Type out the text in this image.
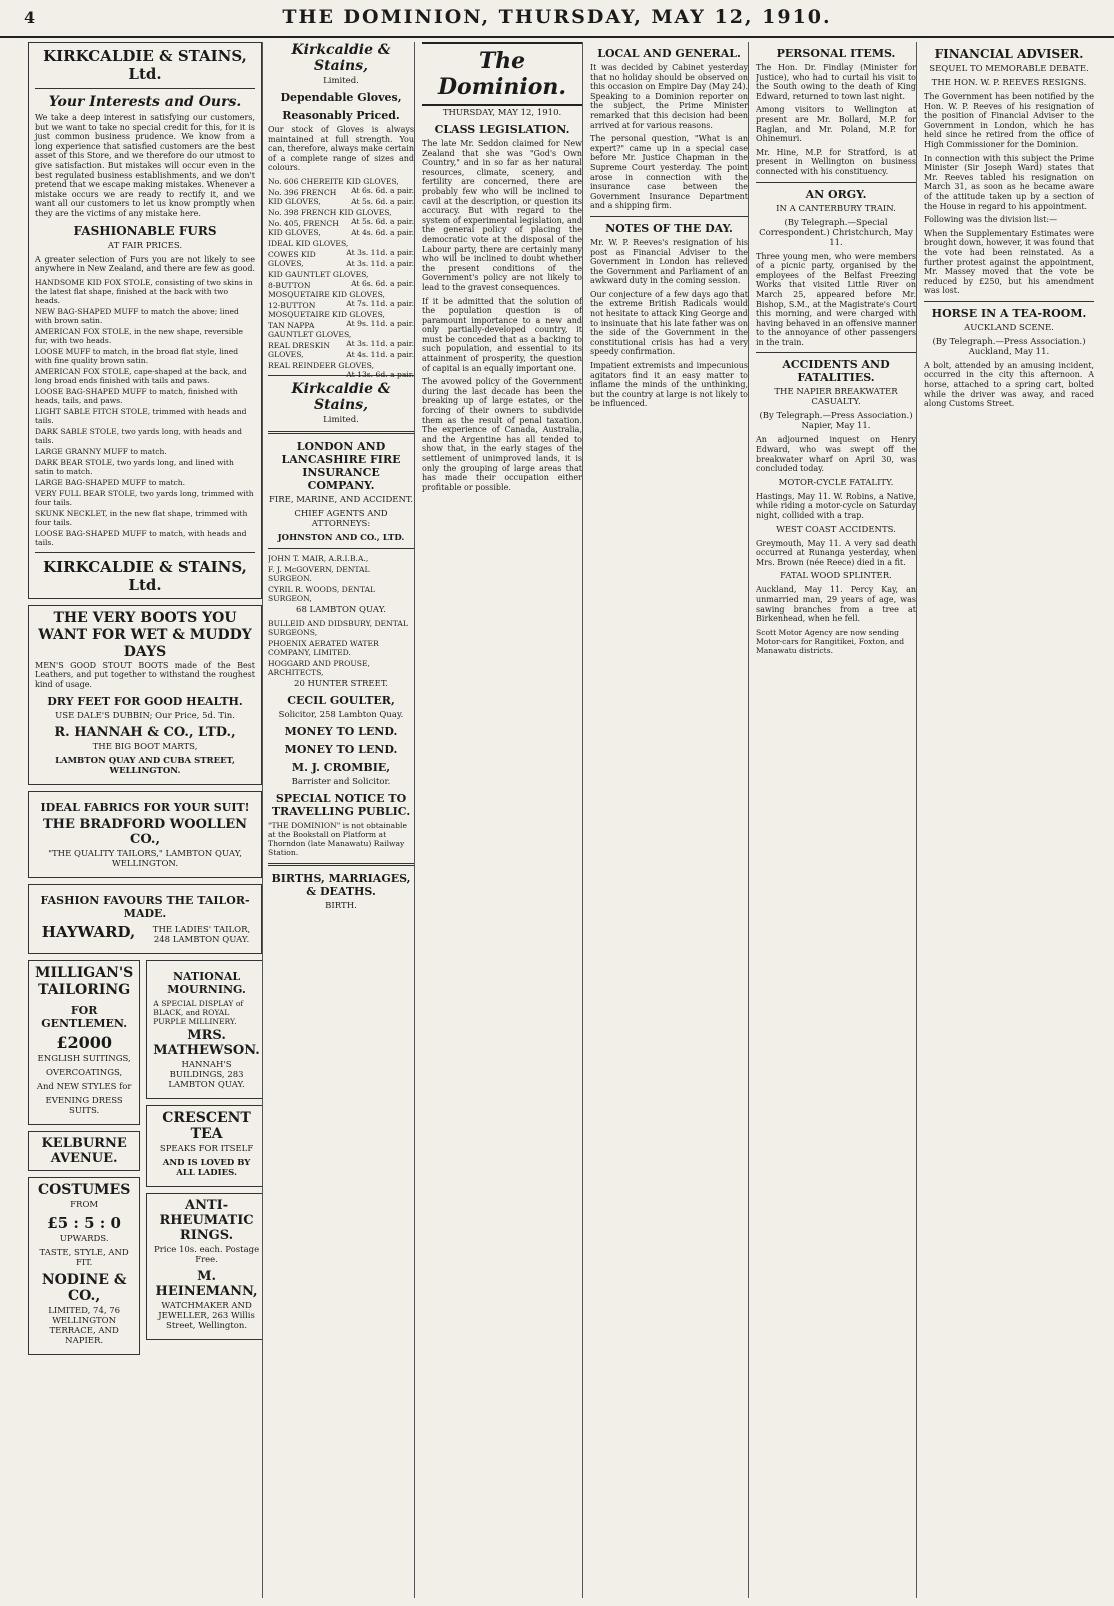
4	THE DOMINION, THURSDAY, MAY 12, 1910.
KIRKCALDIE & STAINS, Ltd.
Your Interests and Ours.

We take a deep interest in satisfying our customers, but we want to take no special credit for this, for it is just common business prudence. We know from a long experience that satisfied customers are the best asset of this Store, and we therefore do our utmost to give satisfaction. But mistakes will occur even in the best regulated business establishments, and we don't pretend that we escape making mistakes. Whenever a mistake occurs we are ready to rectify it, and we want all our customers to let us know promptly when they are the victims of any mistake here.

FASHIONABLE FURS
AT FAIR PRICES.

A greater selection of Furs you are not likely to see anywhere in New Zealand, and there are few as good.

HANDSOME KID FOX STOLE, consisting of two skins in the latest flat shape, finished at the back with two heads.

NEW BAG-SHAPED MUFF to match the above; lined with brown satin.

AMERICAN FOX STOLE, in the new shape, reversible fur, with two heads.

LOOSE MUFF to match, in the broad flat style, lined with fine quality brown satin.

AMERICAN FOX STOLE, cape-shaped at the back, and long broad ends finished with tails and paws.

LOOSE BAG-SHAPED MUFF to match, finished with heads, tails, and paws.

LIGHT SABLE FITCH STOLE, trimmed with heads and tails.

DARK SABLE STOLE, two yards long, with heads and tails.

LARGE GRANNY MUFF to match.

DARK BEAR STOLE, two yards long, and lined with satin to match.

LARGE BAG-SHAPED MUFF to match.

VERY FULL BEAR STOLE, two yards long, trimmed with four tails.

SKUNK NECKLET, in the new flat shape, trimmed with four tails.

LOOSE BAG-SHAPED MUFF to match, with heads and tails.

KIRKCALDIE & STAINS, Ltd.
THE VERY BOOTS YOU WANT FOR WET & MUDDY DAYS

MEN'S GOOD STOUT BOOTS made of the Best Leathers, and put together to withstand the roughest kind of usage.

DRY FEET FOR GOOD HEALTH.
USE DALE'S DUBBIN; Our Price, 5d. Tin.
R. HANNAH & CO., LTD.,
THE BIG BOOT MARTS,
LAMBTON QUAY AND CUBA STREET, WELLINGTON.
IDEAL FABRICS FOR YOUR SUIT!
THE BRADFORD WOOLLEN CO.,
"THE QUALITY TAILORS," LAMBTON QUAY, WELLINGTON.
FASHION FAVOURS THE TAILOR-MADE.
HAYWARD,	THE LADIES' TAILOR, 248 LAMBTON QUAY.
MILLIGAN'S TAILORING
FOR GENTLEMEN.
£2000
ENGLISH SUITINGS,
OVERCOATINGS,
And NEW STYLES for
EVENING DRESS SUITS.
KELBURNE AVENUE.
COSTUMES
FROM
£5 : 5 : 0
UPWARDS.
TASTE, STYLE, AND FIT.
NODINE & CO.,
LIMITED, 74, 76 WELLINGTON TERRACE, AND NAPIER.
NATIONAL MOURNING.

A SPECIAL DISPLAY of BLACK, and ROYAL PURPLE MILLINERY.

MRS. MATHEWSON.
HANNAH'S BUILDINGS, 283 LAMBTON QUAY.
CRESCENT TEA
SPEAKS FOR ITSELF
AND IS LOVED BY ALL LADIES.
ANTI-RHEUMATIC RINGS.
Price 10s. each. Postage Free.
M. HEINEMANN,
WATCHMAKER AND JEWELLER, 263 Willis Street, Wellington.
Kirkcaldie & Stains,
Limited.
Dependable Gloves,
Reasonably Priced.

Our stock of Gloves is always maintained at full strength. You can, therefore, always make certain of a complete range of sizes and colours.

No. 606 CHEREITE KID GLOVES,
At 6s. 6d. a pair.

No. 396 FRENCH KID GLOVES,	At 5s. 6d. a pair.

No. 398 FRENCH KID GLOVES,
At 5s. 6d. a pair.

No. 405, FRENCH KID GLOVES,	At 4s. 6d. a pair.

IDEAL KID GLOVES,
At 3s. 11d. a pair.

COWES KID GLOVES,	At 3s. 11d. a pair.

KID GAUNTLET GLOVES,
At 6s. 6d. a pair.

8-BUTTON MOSQUETAIRE KID GLOVES,
At 7s. 11d. a pair.

12-BUTTON MOSQUETAIRE KID GLOVES,
At 9s. 11d. a pair.

TAN NAPPA GAUNTLET GLOVES,
At 3s. 11d. a pair.

REAL DRESKIN GLOVES,	At 4s. 11d. a pair.

REAL REINDEER GLOVES,
At 13s. 6d. a pair.

Kirkcaldie & Stains,
Limited.
LONDON AND LANCASHIRE FIRE INSURANCE COMPANY.
FIRE, MARINE, AND ACCIDENT.
CHIEF AGENTS AND ATTORNEYS:
JOHNSTON AND CO., LTD.

JOHN T. MAIR, A.R.I.B.A.,

F. J. McGOVERN, DENTAL SURGEON.

CYRIL R. WOODS, DENTAL SURGEON,

68 LAMBTON QUAY.

BULLEID AND DIDSBURY, DENTAL SURGEONS,

PHOENIX AERATED WATER COMPANY, LIMITED.

HOGGARD AND PROUSE, ARCHITECTS,

20 HUNTER STREET.
CECIL GOULTER,
Solicitor, 258 Lambton Quay.
MONEY TO LEND.
MONEY TO LEND.
M. J. CROMBIE,
Barrister and Solicitor.
SPECIAL NOTICE TO TRAVELLING PUBLIC.

"THE DOMINION" is not obtainable at the Bookstall on Platform at Thorndon (late Manawatu) Railway Station.

BIRTHS, MARRIAGES, & DEATHS.
BIRTH.
The Dominion.
THURSDAY, MAY 12, 1910.
CLASS LEGISLATION.

The late Mr. Seddon claimed for New Zealand that she was "God's Own Country," and in so far as her natural resources, climate, scenery, and fertility are concerned, there are probably few who will be inclined to cavil at the description, or question its accuracy. But with regard to the system of experimental legislation, and the general policy of placing the democratic vote at the disposal of the Labour party, there are certainly many who will be inclined to doubt whether the present conditions of the Government's policy are not likely to lead to the gravest consequences.

If it be admitted that the solution of the population question is of paramount importance to a new and only partially-developed country, it must be conceded that as a backing to such population, and essential to its attainment of prosperity, the question of capital is an equally important one.

The avowed policy of the Government during the last decade has been the breaking up of large estates, or the forcing of their owners to subdivide them as the result of penal taxation. The experience of Canada, Australia, and the Argentine has all tended to show that, in the early stages of the settlement of unimproved lands, it is only the grouping of large areas that has made their occupation either profitable or possible.

LOCAL AND GENERAL.

It was decided by Cabinet yesterday that no holiday should be observed on this occasion on Empire Day (May 24). Speaking to a Dominion reporter on the subject, the Prime Minister remarked that this decision had been arrived at for various reasons.

The personal question, "What is an expert?" came up in a special case before Mr. Justice Chapman in the Supreme Court yesterday. The point arose in connection with the insurance case between the Government Insurance Department and a shipping firm.

NOTES OF THE DAY.

Mr. W. P. Reeves's resignation of his post as Financial Adviser to the Government in London has relieved the Government and Parliament of an awkward duty in the coming session.

Our conjecture of a few days ago that the extreme British Radicals would not hesitate to attack King George and to insinuate that his late father was on the side of the Government in the constitutional crisis has had a very speedy confirmation.

Impatient extremists and impecunious agitators find it an easy matter to inflame the minds of the unthinking, but the country at large is not likely to be influenced.

PERSONAL ITEMS.

The Hon. Dr. Findlay (Minister for Justice), who had to curtail his visit to the South owing to the death of King Edward, returned to town last night.

Among visitors to Wellington at present are Mr. Bollard, M.P. for Raglan, and Mr. Poland, M.P. for Ohinemuri.

Mr. Hine, M.P. for Stratford, is at present in Wellington on business connected with his constituency.

AN ORGY.
IN A CANTERBURY TRAIN.
(By Telegraph.—Special Correspondent.) Christchurch, May 11.

Three young men, who were members of a picnic party, organised by the employees of the Belfast Freezing Works that visited Little River on March 25, appeared before Mr. Bishop, S.M., at the Magistrate's Court this morning, and were charged with having behaved in an offensive manner to the annoyance of other passengers in the train.

ACCIDENTS AND FATALITIES.
THE NAPIER BREAKWATER CASUALTY.
(By Telegraph.—Press Association.) Napier, May 11.

An adjourned inquest on Henry Edward, who was swept off the breakwater wharf on April 30, was concluded today.

MOTOR-CYCLE FATALITY.

Hastings, May 11. W. Robins, a Native, while riding a motor-cycle on Saturday night, collided with a trap.

WEST COAST ACCIDENTS.

Greymouth, May 11. A very sad death occurred at Runanga yesterday, when Mrs. Brown (née Reece) died in a fit.

FATAL WOOD SPLINTER.

Auckland, May 11. Percy Kay, an unmarried man, 29 years of age, was sawing branches from a tree at Birkenhead, when he fell.

Scott Motor Agency are now sending Motor-cars for Rangitikei, Foxton, and Manawatu districts.

FINANCIAL ADVISER.
SEQUEL TO MEMORABLE DEBATE.
THE HON. W. P. REEVES RESIGNS.

The Government has been notified by the Hon. W. P. Reeves of his resignation of the position of Financial Adviser to the Government in London, which he has held since he retired from the office of High Commissioner for the Dominion.

In connection with this subject the Prime Minister (Sir Joseph Ward) states that Mr. Reeves tabled his resignation on March 31, as soon as he became aware of the attitude taken up by a section of the House in regard to his appointment.

Following was the division list:—

When the Supplementary Estimates were brought down, however, it was found that the vote had been reinstated. As a further protest against the appointment, Mr. Massey moved that the vote be reduced by £250, but his amendment was lost.

HORSE IN A TEA-ROOM.
AUCKLAND SCENE.
(By Telegraph.—Press Association.) Auckland, May 11.

A bolt, attended by an amusing incident, occurred in the city this afternoon. A horse, attached to a spring cart, bolted while the driver was away, and raced along Customs Street.
